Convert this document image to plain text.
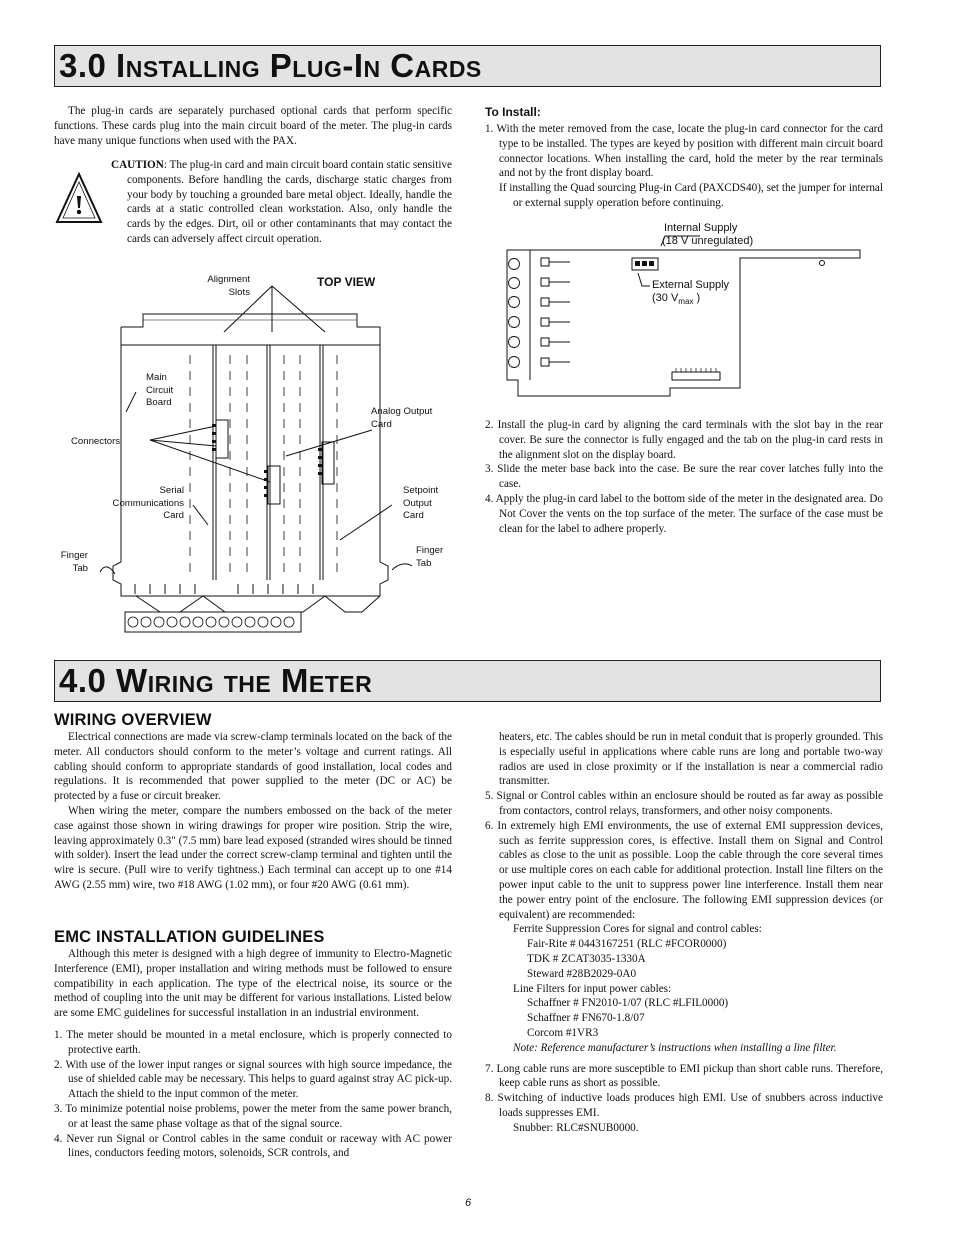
3.0 Installing Plug-In Cards

The plug-in cards are separately purchased optional cards that perform specific functions. These cards plug into the main circuit board of the meter. The plug-in cards have many unique functions when used with the PAX.

CAUTION: The plug-in card and main circuit board contain static sensitive components. Before handling the cards, discharge static charges from your body by touching a grounded bare metal object. Ideally, handle the cards at a static controlled clean workstation. Also, only handle the cards by the edges. Dirt, oil or other contaminants that may contact the cards can adversely affect circuit operation.

Alignment Slots
TOP VIEW
Main Circuit Board
Analog Output Card
Connectors
Serial Communications Card
Setpoint Output Card
Finger Tab
Finger Tab
To Install:

1. With the meter removed from the case, locate the plug-in card connector for the card type to be installed. The types are keyed by position with different main circuit board connector locations. When installing the card, hold the meter by the rear terminals and not by the front display board.

If installing the Quad sourcing Plug-in Card (PAXCDS40), set the jumper for internal or external supply operation before continuing.

Internal Supply
(18 V unregulated)
External Supply
(30 $V_{max}$ )

2. Install the plug-in card by aligning the card terminals with the slot bay in the rear cover. Be sure the connector is fully engaged and the tab on the plug-in card rests in the alignment slot on the display board.

3. Slide the meter base back into the case. Be sure the rear cover latches fully into the case.

4. Apply the plug-in card label to the bottom side of the meter in the designated area. Do Not Cover the vents on the top surface of the meter. The surface of the case must be clean for the label to adhere properly.

4.0 Wiring the Meter
WIRING OVERVIEW

Electrical connections are made via screw-clamp terminals located on the back of the meter. All conductors should conform to the meter’s voltage and current ratings. All cabling should conform to appropriate standards of good installation, local codes and regulations. It is recommended that power supplied to the meter (DC or AC) be protected by a fuse or circuit breaker.

When wiring the meter, compare the numbers embossed on the back of the meter case against those shown in wiring drawings for proper wire position. Strip the wire, leaving approximately 0.3" (7.5 mm) bare lead exposed (stranded wires should be tinned with solder). Insert the lead under the correct screw-clamp terminal and tighten until the wire is secure. (Pull wire to verify tightness.) Each terminal can accept up to one #14 AWG (2.55 mm) wire, two #18 AWG (1.02 mm), or four #20 AWG (0.61 mm).

EMC INSTALLATION GUIDELINES

Although this meter is designed with a high degree of immunity to Electro-Magnetic Interference (EMI), proper installation and wiring methods must be followed to ensure compatibility in each application. The type of the electrical noise, its source or the method of coupling into the unit may be different for various installations. Listed below are some EMC guidelines for successful installation in an industrial environment.

1. The meter should be mounted in a metal enclosure, which is properly connected to protective earth.

2. With use of the lower input ranges or signal sources with high source impedance, the use of shielded cable may be necessary. This helps to guard against stray AC pick-up. Attach the shield to the input common of the meter.

3. To minimize potential noise problems, power the meter from the same power branch, or at least the same phase voltage as that of the signal source.

4. Never run Signal or Control cables in the same conduit or raceway with AC power lines, conductors feeding motors, solenoids, SCR controls, and

heaters, etc. The cables should be run in metal conduit that is properly grounded. This is especially useful in applications where cable runs are long and portable two-way radios are used in close proximity or if the installation is near a commercial radio transmitter.

5. Signal or Control cables within an enclosure should be routed as far away as possible from contactors, control relays, transformers, and other noisy components.

6. In extremely high EMI environments, the use of external EMI suppression devices, such as ferrite suppression cores, is effective. Install them on Signal and Control cables as close to the unit as possible. Loop the cable through the core several times or use multiple cores on each cable for additional protection. Install line filters on the power input cable to the unit to suppress power line interference. Install them near the power entry point of the enclosure. The following EMI suppression devices (or equivalent) are recommended:

Ferrite Suppression Cores for signal and control cables:

Fair-Rite # 0443167251 (RLC #FCOR0000)

TDK # ZCAT3035-1330A

Steward #28B2029-0A0

Line Filters for input power cables:

Schaffner # FN2010-1/07 (RLC #LFIL0000)

Schaffner # FN670-1.8/07

Corcom #1VR3

Note: Reference manufacturer’s instructions when installing a line filter.

7. Long cable runs are more susceptible to EMI pickup than short cable runs. Therefore, keep cable runs as short as possible.

8. Switching of inductive loads produces high EMI. Use of snubbers across inductive loads suppresses EMI.

Snubber: RLC#SNUB0000.

6
